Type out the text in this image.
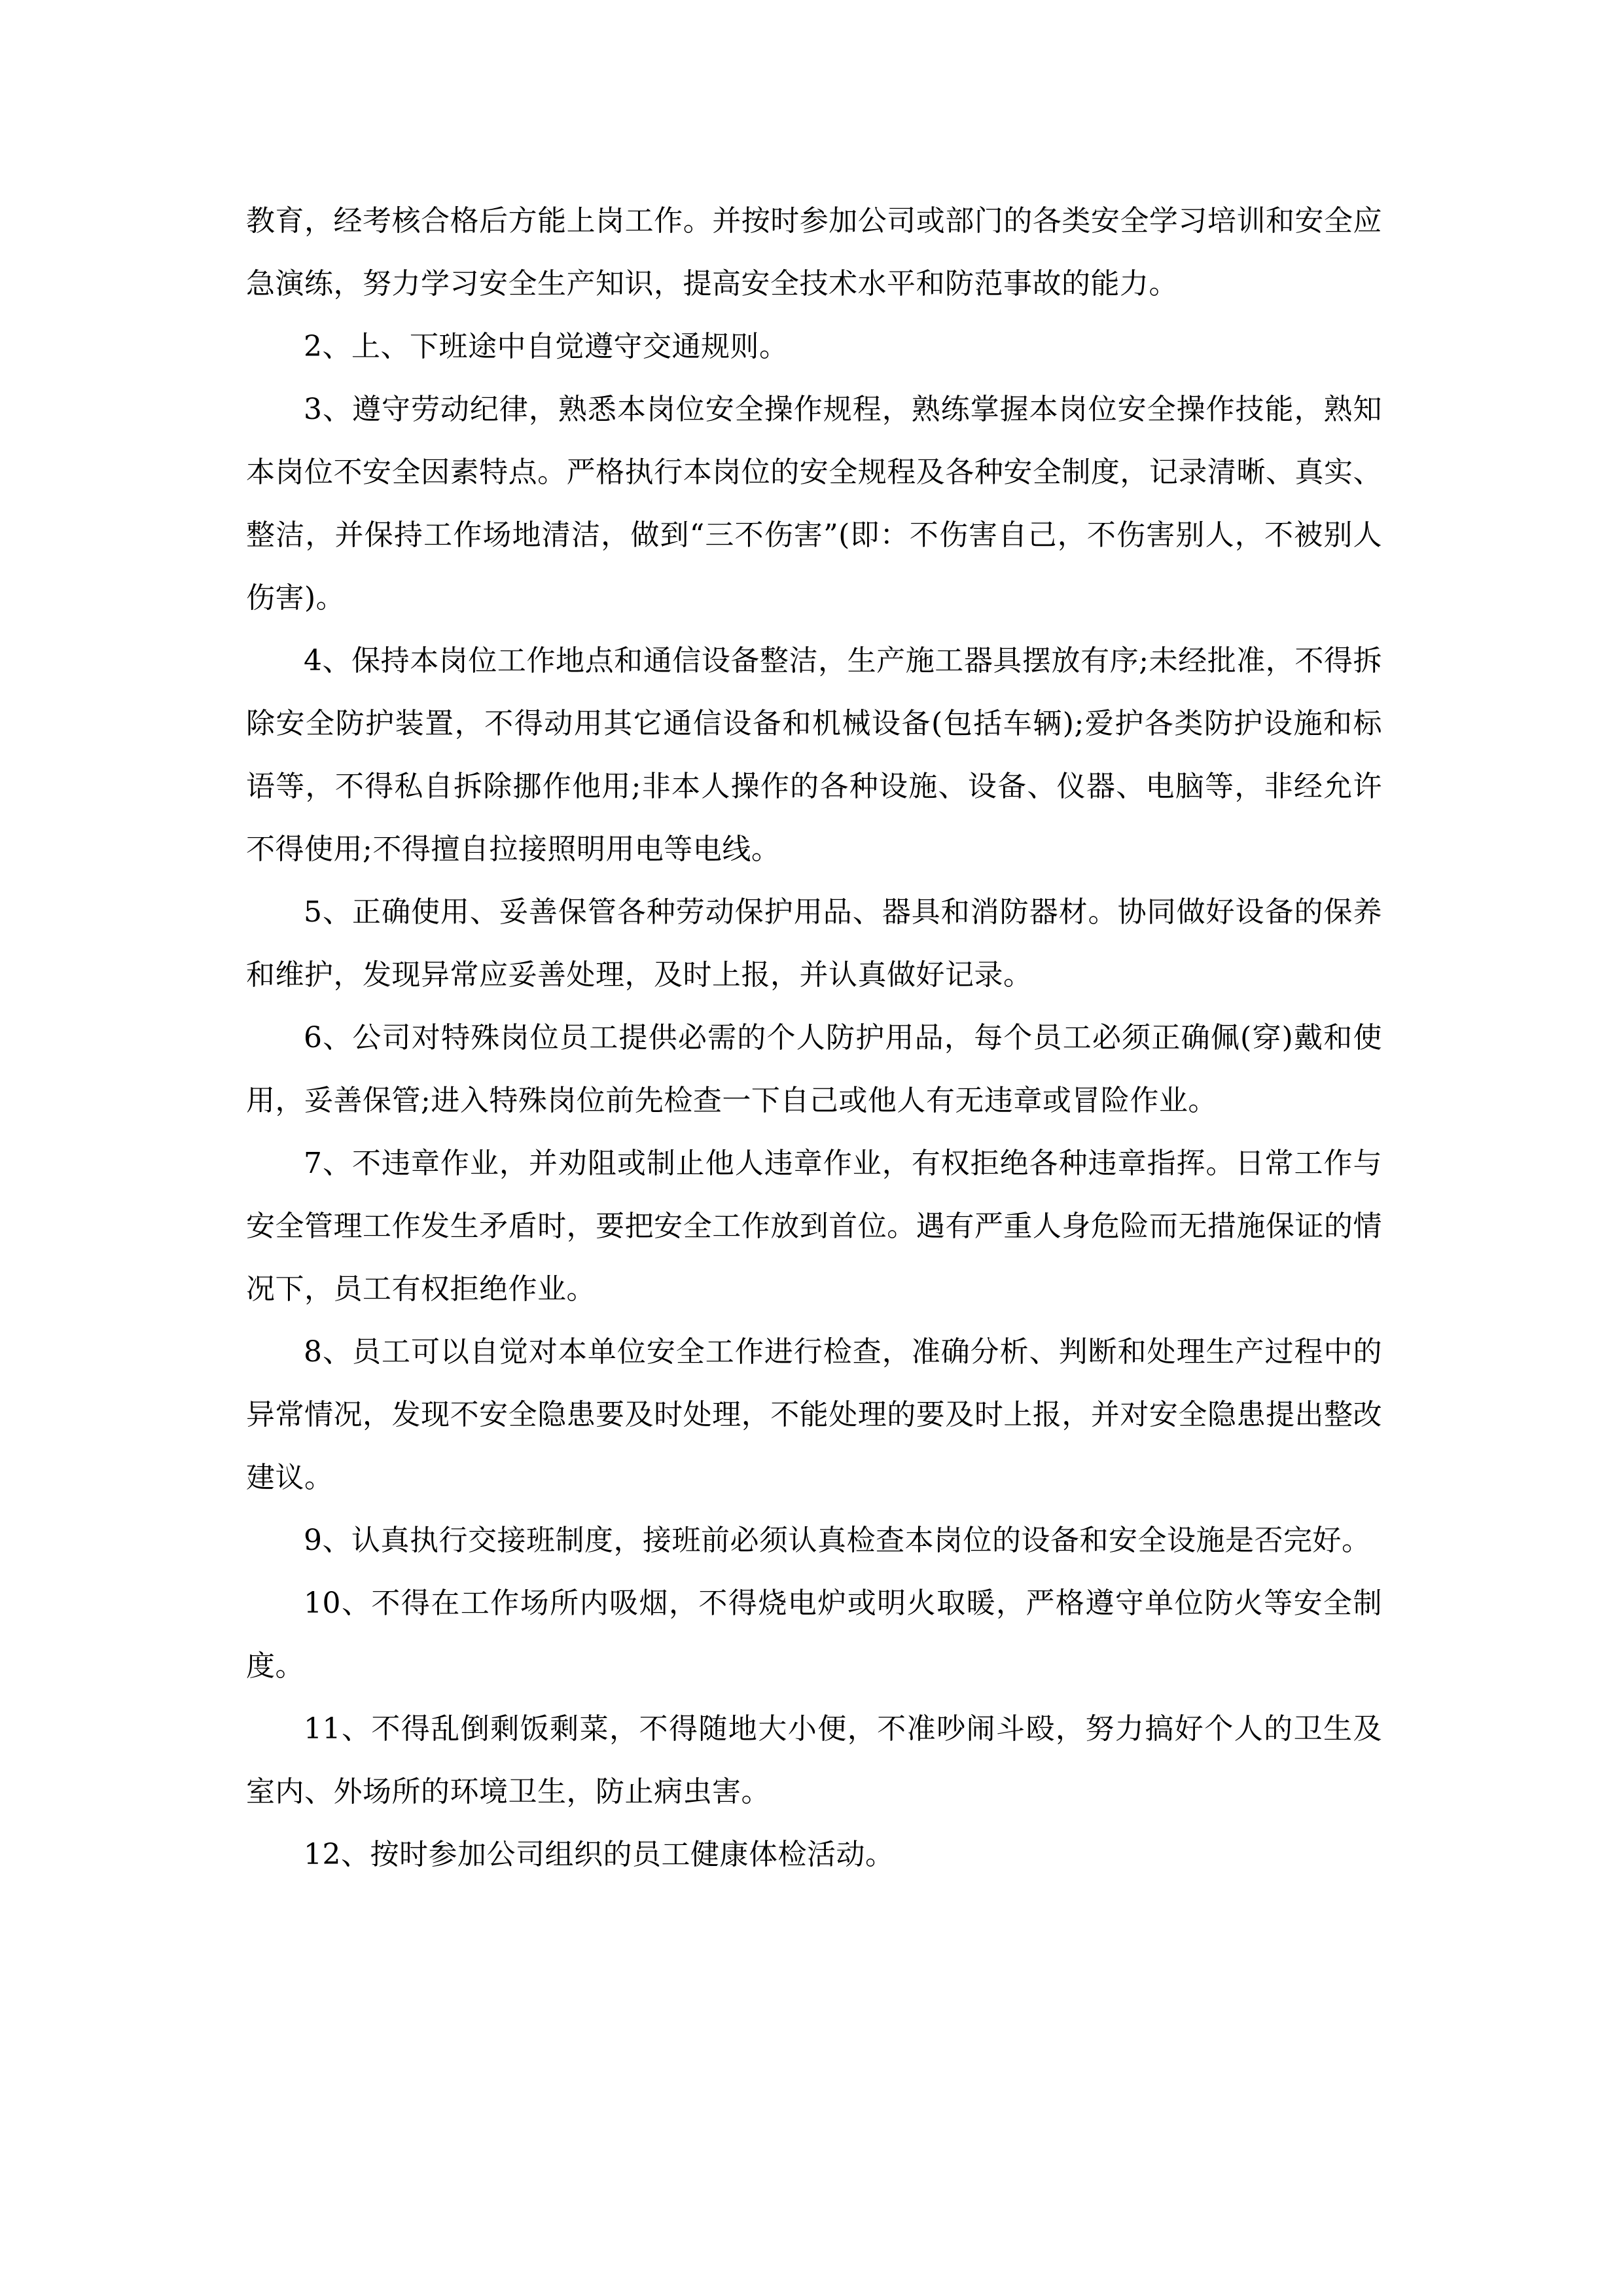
教育，经考核合格后方能上岗工作。并按时参加公司或部门的各类安全学习培训和安全应急演练，努力学习安全生产知识，提高安全技术水平和防范事故的能力。

2、上、下班途中自觉遵守交通规则。

3、遵守劳动纪律，熟悉本岗位安全操作规程，熟练掌握本岗位安全操作技能，熟知本岗位不安全因素特点。严格执行本岗位的安全规程及各种安全制度，记录清晰、真实、整洁，并保持工作场地清洁，做到“三不伤害”(即：不伤害自己，不伤害别人，不被别人伤害)。

4、保持本岗位工作地点和通信设备整洁，生产施工器具摆放有序;未经批准，不得拆除安全防护装置，不得动用其它通信设备和机械设备(包括车辆);爱护各类防护设施和标语等，不得私自拆除挪作他用;非本人操作的各种设施、设备、仪器、电脑等，非经允许不得使用;不得擅自拉接照明用电等电线。

5、正确使用、妥善保管各种劳动保护用品、器具和消防器材。协同做好设备的保养和维护，发现异常应妥善处理，及时上报，并认真做好记录。

6、公司对特殊岗位员工提供必需的个人防护用品，每个员工必须正确佩(穿)戴和使用，妥善保管;进入特殊岗位前先检查一下自己或他人有无违章或冒险作业。

7、不违章作业，并劝阻或制止他人违章作业，有权拒绝各种违章指挥。日常工作与安全管理工作发生矛盾时，要把安全工作放到首位。遇有严重人身危险而无措施保证的情况下，员工有权拒绝作业。

8、员工可以自觉对本单位安全工作进行检查，准确分析、判断和处理生产过程中的异常情况，发现不安全隐患要及时处理，不能处理的要及时上报，并对安全隐患提出整改建议。

9、认真执行交接班制度，接班前必须认真检查本岗位的设备和安全设施是否完好。

10、不得在工作场所内吸烟，不得烧电炉或明火取暖，严格遵守单位防火等安全制度。

11、不得乱倒剩饭剩菜，不得随地大小便，不准吵闹斗殴，努力搞好个人的卫生及室内、外场所的环境卫生，防止病虫害。

12、按时参加公司组织的员工健康体检活动。
